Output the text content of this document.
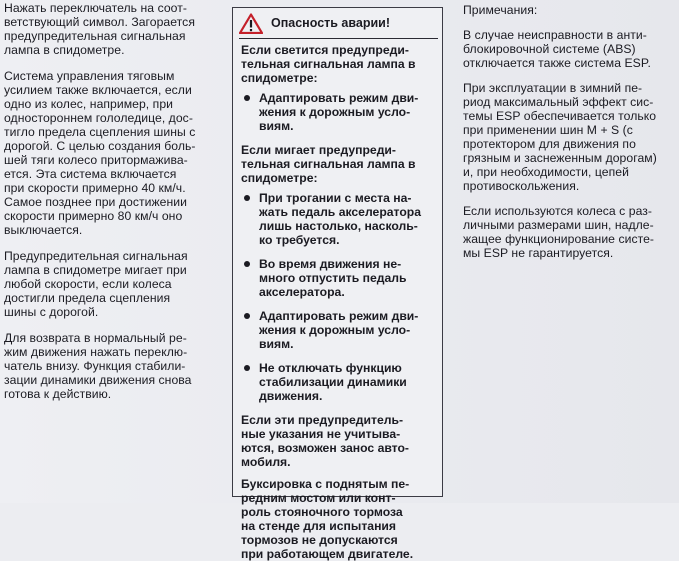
Нажать переключатель на соот-
ветствующий символ. Загорается
предупредительная сигнальная
лампа в спидометре.

Система управления тяговым
усилием также включается, если
одно из колес, например, при
одностороннем гололедице, дос-
тигло предела сцепления шины с
дорогой. С целью создания боль-
шей тяги колесо притормажива-
ется. Эта система включается
при скорости примерно 40 км/ч.
Самое позднее при достижении
скорости примерно 80 км/ч оно
выключается.

Предупредительная сигнальная
лампа в спидометре мигает при
любой скорости, если колеса
достигли предела сцепления
шины с дорогой.

Для возврата в нормальный ре-
жим движения нажать переклю-
чатель внизу. Функция стабили-
зации динамики движения снова
готова к действию.

Опасность аварии!

Если светится предупреди-
тельная сигнальная лампа в
спидометре:

Адаптировать режим дви-
жения к дорожным усло-
виям.

Если мигает предупреди-
тельная сигнальная лампа в
спидометре:

При трогании с места на-
жать педаль акселератора
лишь настолько, насколь-
ко требуется.
Во время движения не-
много отпустить педаль
акселератора.
Адаптировать режим дви-
жения к дорожным усло-
виям.
Не отключать функцию
стабилизации динамики
движения.

Если эти предупредитель-
ные указания не учитыва-
ются, возможен занос авто-
мобиля.

Буксировка с поднятым пе-
редним мостом или конт-
роль стояночного тормоза
на стенде для испытания
тормозов не допускаются
при работающем двигателе.

Примечания:

В случае неисправности в анти-
блокировочной системе (ABS)
отключается также система ESP.

При эксплуатации в зимний пе-
риод максимальный эффект сис-
темы ESP обеспечивается только
при применении шин M + S (с
протектором для движения по
грязным и заснеженным дорогам)
и, при необходимости, цепей
противоскольжения.

Если используются колеса с раз-
личными размерами шин, надле-
жащее функционирование систе-
мы ESP не гарантируется.
